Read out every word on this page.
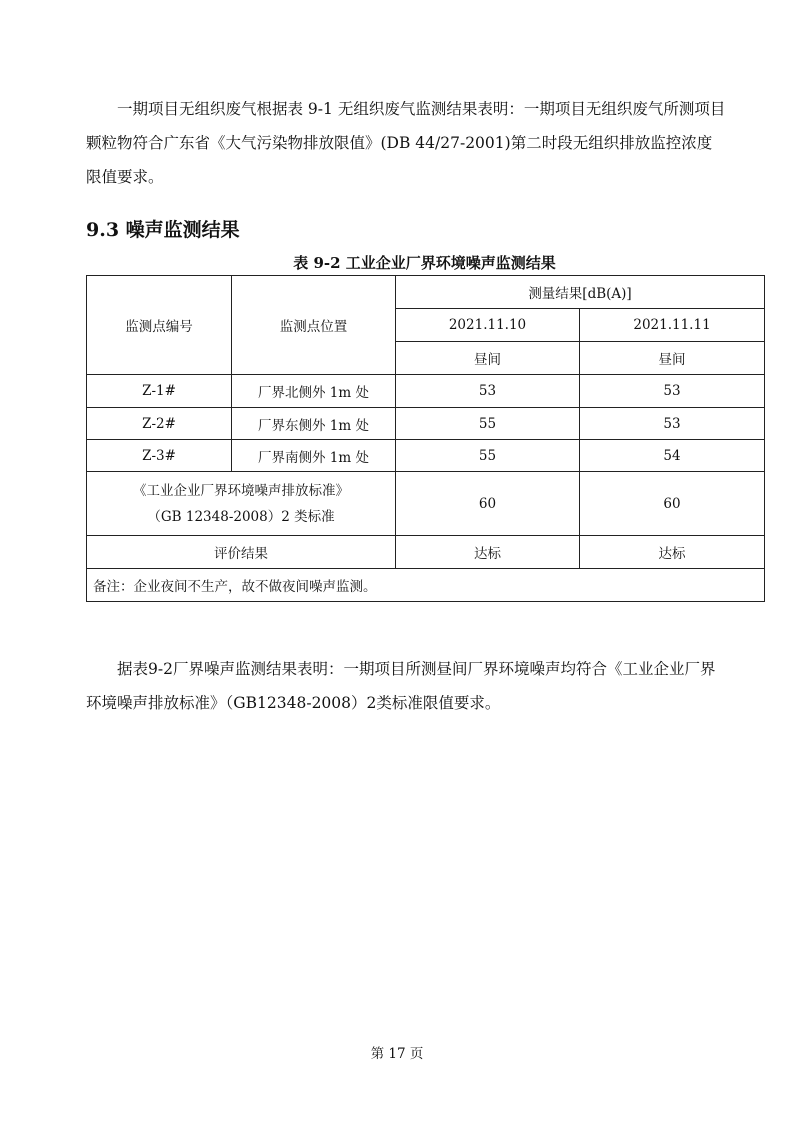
一期项目无组织废气根据表 9-1 无组织废气监测结果表明：一期项目无组织废气所测项目颗粒物符合广东省《大气污染物排放限值》(DB 44/27-2001)第二时段无组织排放监控浓度限值要求。

9.3 噪声监测结果
表 9-2 工业企业厂界环境噪声监测结果
监测点编号	监测点位置	测量结果[dB(A)]	
		2021.11.10	2021.11.11
		昼间	昼间
Z-1#	厂界北侧外 1m 处	53	53
Z-2#	厂界东侧外 1m 处	55	53
Z-3#	厂界南侧外 1m 处	55	54

《工业企业厂界环境噪声排放标准》
（GB 12348-2008）2 类标准		60	60
评价结果		达标	达标
备注：企业夜间不生产，故不做夜间噪声监测。			

据表9-2厂界噪声监测结果表明：一期项目所测昼间厂界环境噪声均符合《工业企业厂界环境噪声排放标准》（GB12348-2008）2类标准限值要求。

第 17 页
